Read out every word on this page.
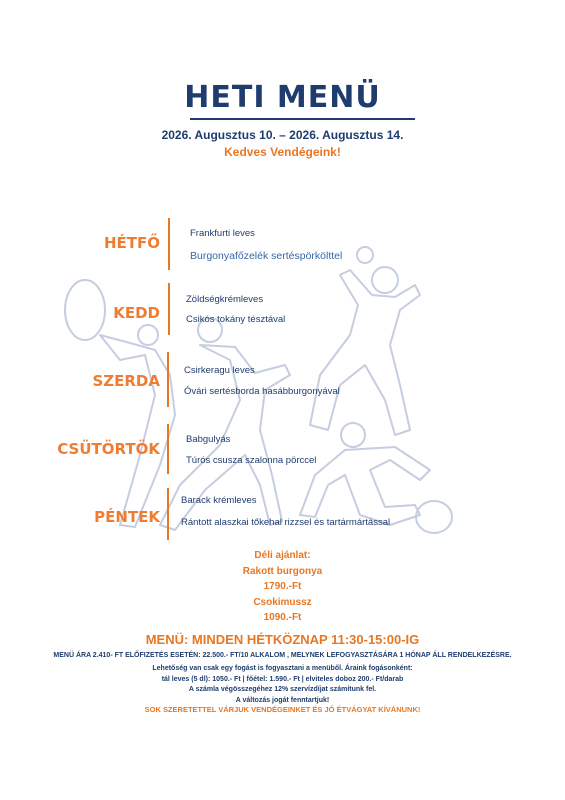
HETI MENÜ
2026. Augusztus 10. – 2026. Augusztus 14.
Kedves Vendégeink!
HÉTFŐ
Frankfurti leves
Burgonyafőzelék sertéspörkölttel
KEDD
Zöldségkrémleves
Csikós tokány tésztával
SZERDA
Csirkeragu leves
Óvári sertésborda hasábburgonyával
CSÜTÖRTÖK
Babgulyás
Túrós csusza szalonna pörccel
PÉNTEK
Barack krémleves
Rántott alaszkai tőkehal rizzsel és tartármártással
Déli ajánlat:
Rakott burgonya
1790.-Ft
Csokimussz
1090.-Ft
MENÜ: MINDEN HÉTKÖZNAP 11:30-15:00-IG
MENÜ ÁRA 2.410- FT ELŐFIZETÉS ESETÉN: 22.500.- FT/10 ALKALOM , MELYNEK LEFOGYASZTÁSÁRA 1 HÓNAP ÁLL RENDELKEZÉSRE.
Lehetőség van csak egy fogást is fogyasztani a menüből. Áraink fogásonként:
tál leves (5 dl): 1050.- Ft | főétel: 1.590.- Ft | elviteles doboz 200.- Ft/darab
A számla végösszegéhez 12% szervízdíjat számítunk fel.
A változás jogát fenntartjuk!
SOK SZERETETTEL VÁRJUK VENDÉGEINKET ÉS JÓ ÉTVÁGYAT KÍVÁNUNK!
